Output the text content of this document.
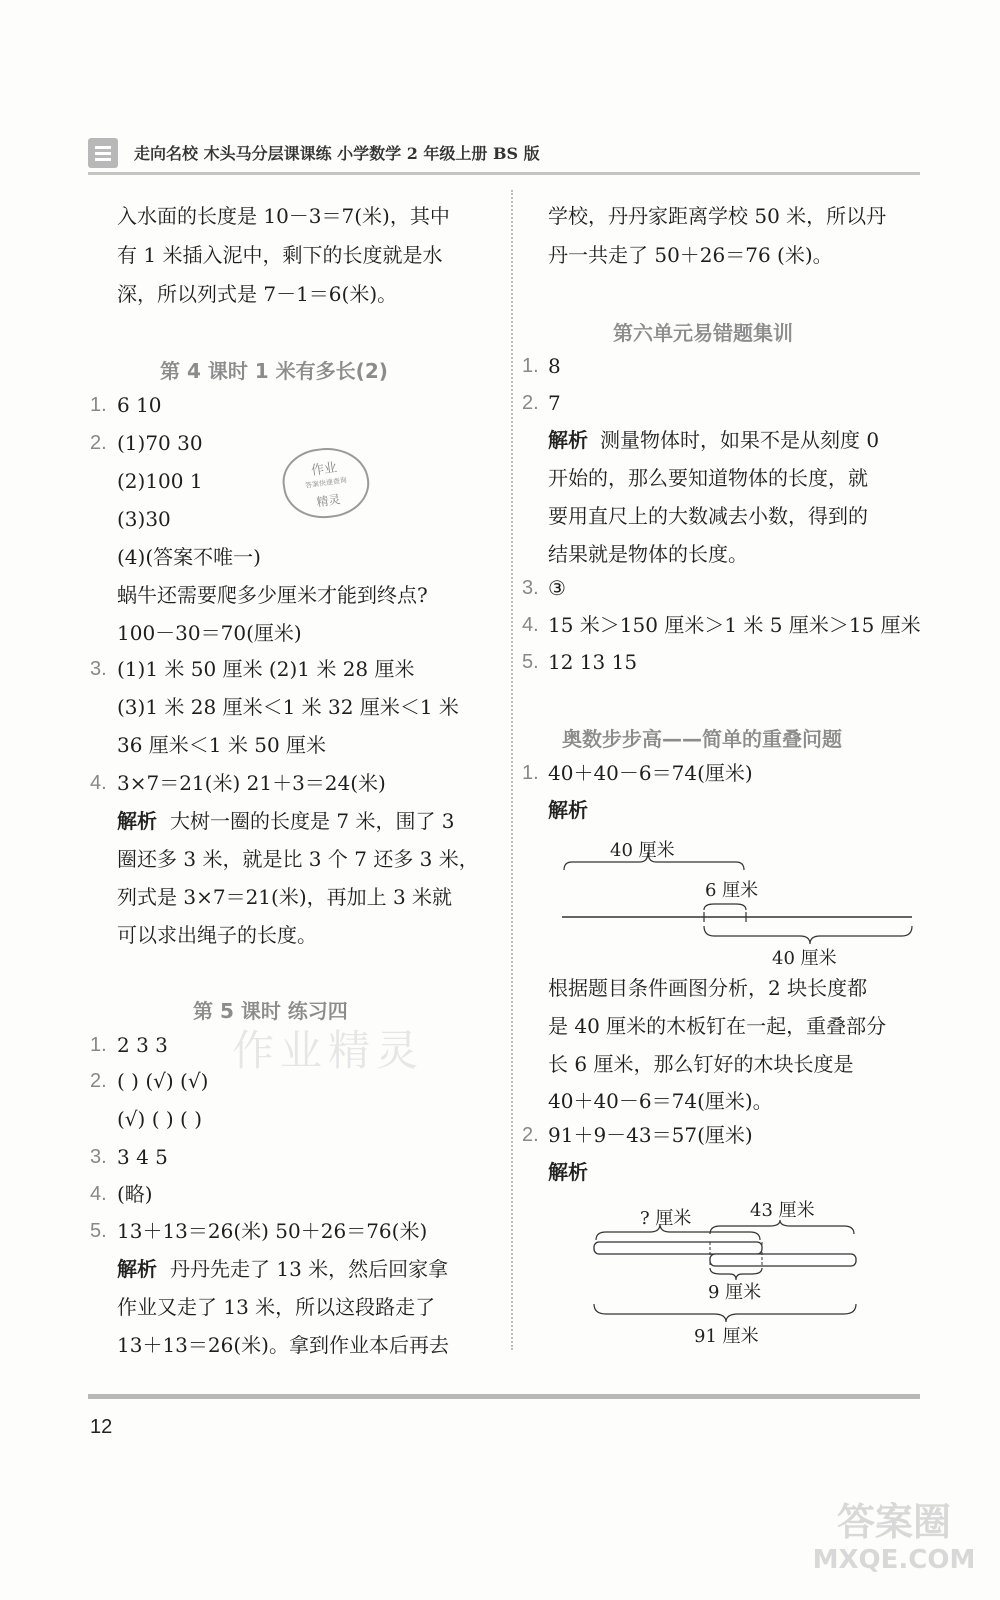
走向名校 木头马分层课课练 小学数学 2 年级上册 BS 版
入水面的长度是 10－3＝7(米)，其中
有 1 米插入泥中，剩下的长度就是水
深，所以列式是 7－1＝6(米)。
第 4 课时 1 米有多长(2)
1. 6 10
2. (1)70 30
(2)100 1
(3)30
(4)(答案不唯一)
蜗牛还需要爬多少厘米才能到终点?
100－30＝70(厘米)
作业
答案快速查询
精灵
3. (1)1 米 50 厘米 (2)1 米 28 厘米
(3)1 米 28 厘米＜1 米 32 厘米＜1 米
36 厘米＜1 米 50 厘米
4. 3×7＝21(米) 21＋3＝24(米)
解析 大树一圈的长度是 7 米，围了 3
圈还多 3 米，就是比 3 个 7 还多 3 米，
列式是 3×7＝21(米)，再加上 3 米就
可以求出绳子的长度。
第 5 课时 练习四
作业精灵
1. 2 3 3
2. ( ) (√) (√)
(√) ( ) ( )
3. 3 4 5
4. (略)
5. 13＋13＝26(米) 50＋26＝76(米)
解析 丹丹先走了 13 米，然后回家拿
作业又走了 13 米，所以这段路走了
13＋13＝26(米)。拿到作业本后再去
学校，丹丹家距离学校 50 米，所以丹
丹一共走了 50＋26＝76 (米)。
第六单元易错题集训
1. 8
2. 7
解析 测量物体时，如果不是从刻度 0
开始的，那么要知道物体的长度，就
要用直尺上的大数减去小数，得到的
结果就是物体的长度。
3. ③
4. 15 米＞150 厘米＞1 米 5 厘米＞15 厘米
5. 12 13 15
奥数步步高——简单的重叠问题
1. 40＋40－6＝74(厘米)
解析
40 厘米
6 厘米
40 厘米
根据题目条件画图分析，2 块长度都
是 40 厘米的木板钉在一起，重叠部分
长 6 厘米，那么钉好的木块长度是
40＋40－6＝74(厘米)。
2. 91＋9－43＝57(厘米)
解析
? 厘米	43 厘米
9 厘米
91 厘米
12
答案圈
MXQE.COM
